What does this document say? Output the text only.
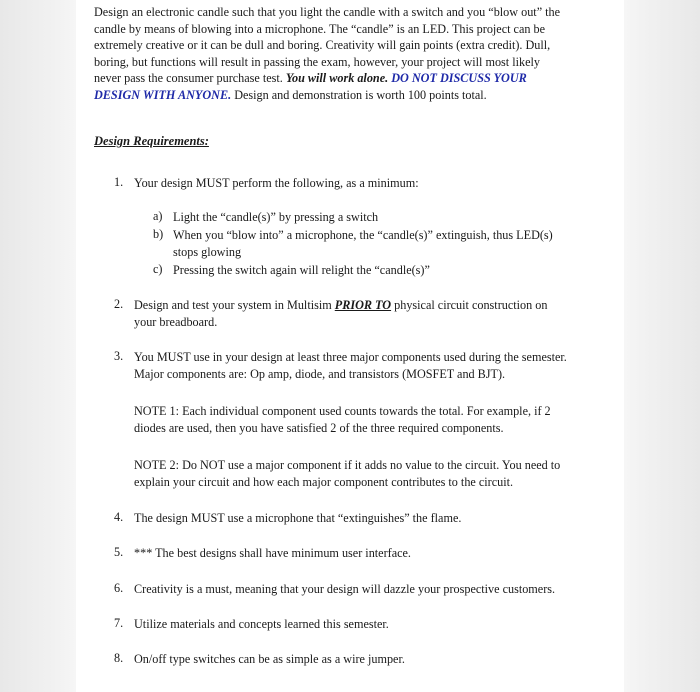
Design an electronic candle such that you light the candle with a switch and you “blow out” the
candle by means of blowing into a microphone. The “candle” is an LED. This project can be
extremely creative or it can be dull and boring. Creativity will gain points (extra credit). Dull,
boring, but functions will result in passing the exam, however, your project will most likely
never pass the consumer purchase test. You will work alone. DO NOT DISCUSS YOUR
DESIGN WITH ANYONE. Design and demonstration is worth 100 points total.
Design Requirements:
1. Your design MUST perform the following, as a minimum:
a) Light the “candle(s)” by pressing a switch
b) When you “blow into” a microphone, the “candle(s)” extinguish, thus LED(s)
stops glowing
c) Pressing the switch again will relight the “candle(s)”
2. Design and test your system in Multisim PRIOR TO physical circuit construction on
your breadboard.
3. You MUST use in your design at least three major components used during the semester.
Major components are: Op amp, diode, and transistors (MOSFET and BJT).
NOTE 1: Each individual component used counts towards the total. For example, if 2
diodes are used, then you have satisfied 2 of the three required components.
NOTE 2: Do NOT use a major component if it adds no value to the circuit. You need to
explain your circuit and how each major component contributes to the circuit.
4. The design MUST use a microphone that “extinguishes” the flame.
5. *** The best designs shall have minimum user interface.
6. Creativity is a must, meaning that your design will dazzle your prospective customers.
7. Utilize materials and concepts learned this semester.
8. On/off type switches can be as simple as a wire jumper.
